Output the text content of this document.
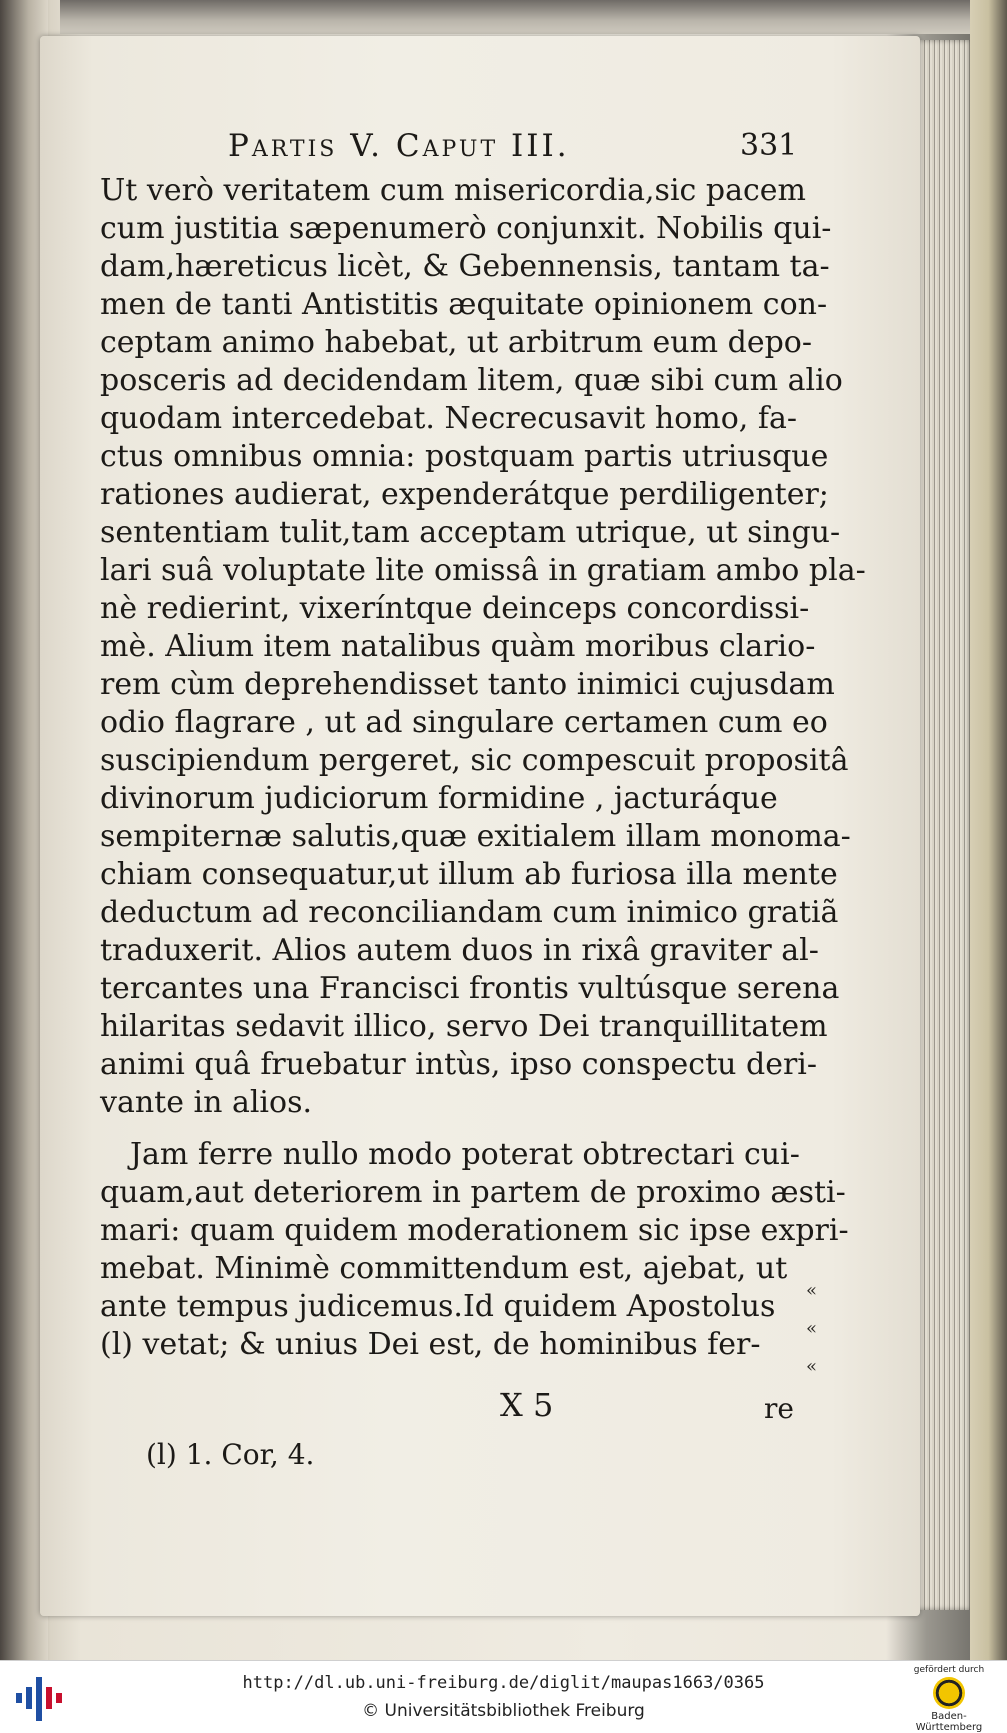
Partis V. Caput III.	331
Ut verò veritatem cum misericordia,sic pacem
cum justitia sæpenumerò conjunxit. Nobilis qui-
dam,hæreticus licèt, & Gebennensis, tantam ta-
men de tanti Antistitis æquitate opinionem con-
ceptam animo habebat, ut arbitrum eum depo-
posceris ad decidendam litem, quæ sibi cum alio
quodam intercedebat. Necrecusavit homo, fa-
ctus omnibus omnia: postquam partis utriusque
rationes audierat, expenderátque perdiligenter;
sententiam tulit,tam acceptam utrique, ut singu-
lari suâ voluptate lite omissâ in gratiam ambo pla-
nè redierint, vixeríntque deinceps concordissi-
mè. Alium item natalibus quàm moribus clario-
rem cùm deprehendisset tanto inimici cujusdam
odio flagrare , ut ad singulare certamen cum eo
suscipiendum pergeret, sic compescuit propositâ
divinorum judiciorum formidine , jacturáque
sempiternæ salutis,quæ exitialem illam monoma-
chiam consequatur,ut illum ab furiosa illa mente
deductum ad reconciliandam cum inimico gratiã
traduxerit. Alios autem duos in rixâ graviter al-
tercantes una Francisci frontis vultúsque serena
hilaritas sedavit illico, servo Dei tranquillitatem
animi quâ fruebatur intùs, ipso conspectu deri-
vante in alios.
Jam ferre nullo modo poterat obtrectari cui-
quam,aut deteriorem in partem de proximo æsti-
mari: quam quidem moderationem sic ipse expri-
mebat. Minimè committendum est, ajebat, ut
ante tempus judicemus.Id quidem Apostolus
(l) vetat; & unius Dei est, de hominibus fer-
«
«
«
X 5	re
(l) 1. Cor, 4.
http://dl.ub.uni-freiburg.de/diglit/maupas1663/0365
© Universitätsbibliothek Freiburg
gefördert durch
Baden-Württemberg
